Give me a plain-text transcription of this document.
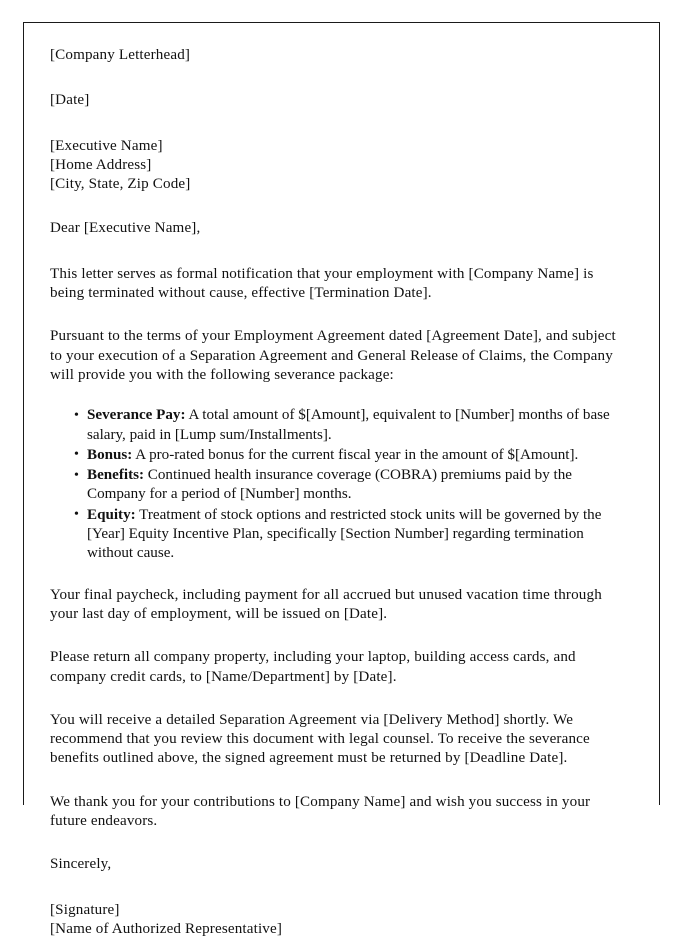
[Company Letterhead]

[Date]

[Executive Name]

[Home Address]

[City, State, Zip Code]

Dear [Executive Name],

This letter serves as formal notification that your employment with [Company Name] is being terminated without cause, effective [Termination Date].

Pursuant to the terms of your Employment Agreement dated [Agreement Date], and subject to your execution of a Separation Agreement and General Release of Claims, the Company will provide you with the following severance package:

• Severance Pay: A total amount of $[Amount], equivalent to [Number] months of base salary, paid in [Lump sum/Installments].
• Bonus: A pro-rated bonus for the current fiscal year in the amount of $[Amount].
• Benefits: Continued health insurance coverage (COBRA) premiums paid by the Company for a period of [Number] months.
• Equity: Treatment of stock options and restricted stock units will be governed by the [Year] Equity Incentive Plan, specifically [Section Number] regarding termination without cause.

Your final paycheck, including payment for all accrued but unused vacation time through your last day of employment, will be issued on [Date].

Please return all company property, including your laptop, building access cards, and company credit cards, to [Name/Department] by [Date].

You will receive a detailed Separation Agreement via [Delivery Method] shortly. We recommend that you review this document with legal counsel. To receive the severance benefits outlined above, the signed agreement must be returned by [Deadline Date].

We thank you for your contributions to [Company Name] and wish you success in your future endeavors.

Sincerely,

[Signature]

[Name of Authorized Representative]
